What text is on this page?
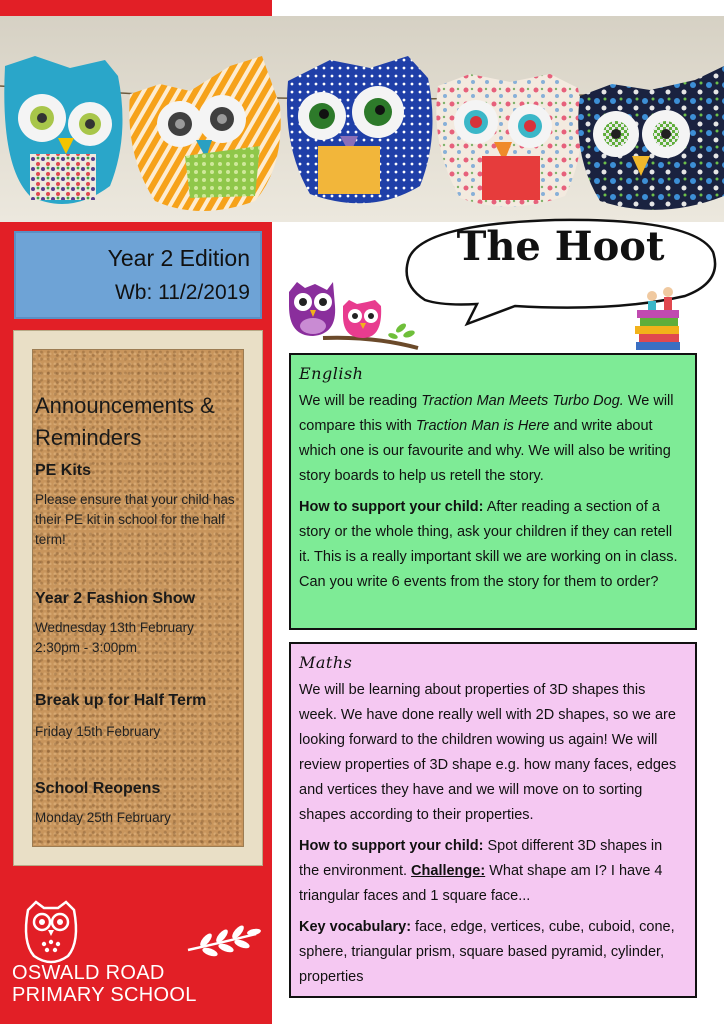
Year 2 Edition
Wb: 11/2/2019
Announcements & Reminders
PE Kits
Please ensure that your child has their PE kit in school for the half term!
Year 2 Fashion Show
Wednesday 13th February
2:30pm - 3:00pm
Break up for Half Term
Friday 15th February
School Reopens
Monday 25th February
The Hoot
English

We will be reading Traction Man Meets Turbo Dog. We will compare this with Traction Man is Here and write about which one is our favourite and why. We will also be writing story boards to help us retell the story.

How to support your child: After reading a section of a story or the whole thing, ask your children if they can retell it. This is a really important skill we are working on in class. Can you write 6 events from the story for them to order?

Maths

We will be learning about properties of 3D shapes this week. We have done really well with 2D shapes, so we are looking forward to the children wowing us again! We will review properties of 3D shape e.g. how many faces, edges and vertices they have and we will move on to sorting shapes according to their properties.

How to support your child: Spot different 3D shapes in the environment. Challenge: What shape am I? I have 4 triangular faces and 1 square face...

Key vocabulary: face, edge, vertices, cube, cuboid, cone, sphere, triangular prism, square based pyramid, cylinder, properties

OSWALD ROAD
PRIMARY SCHOOL
